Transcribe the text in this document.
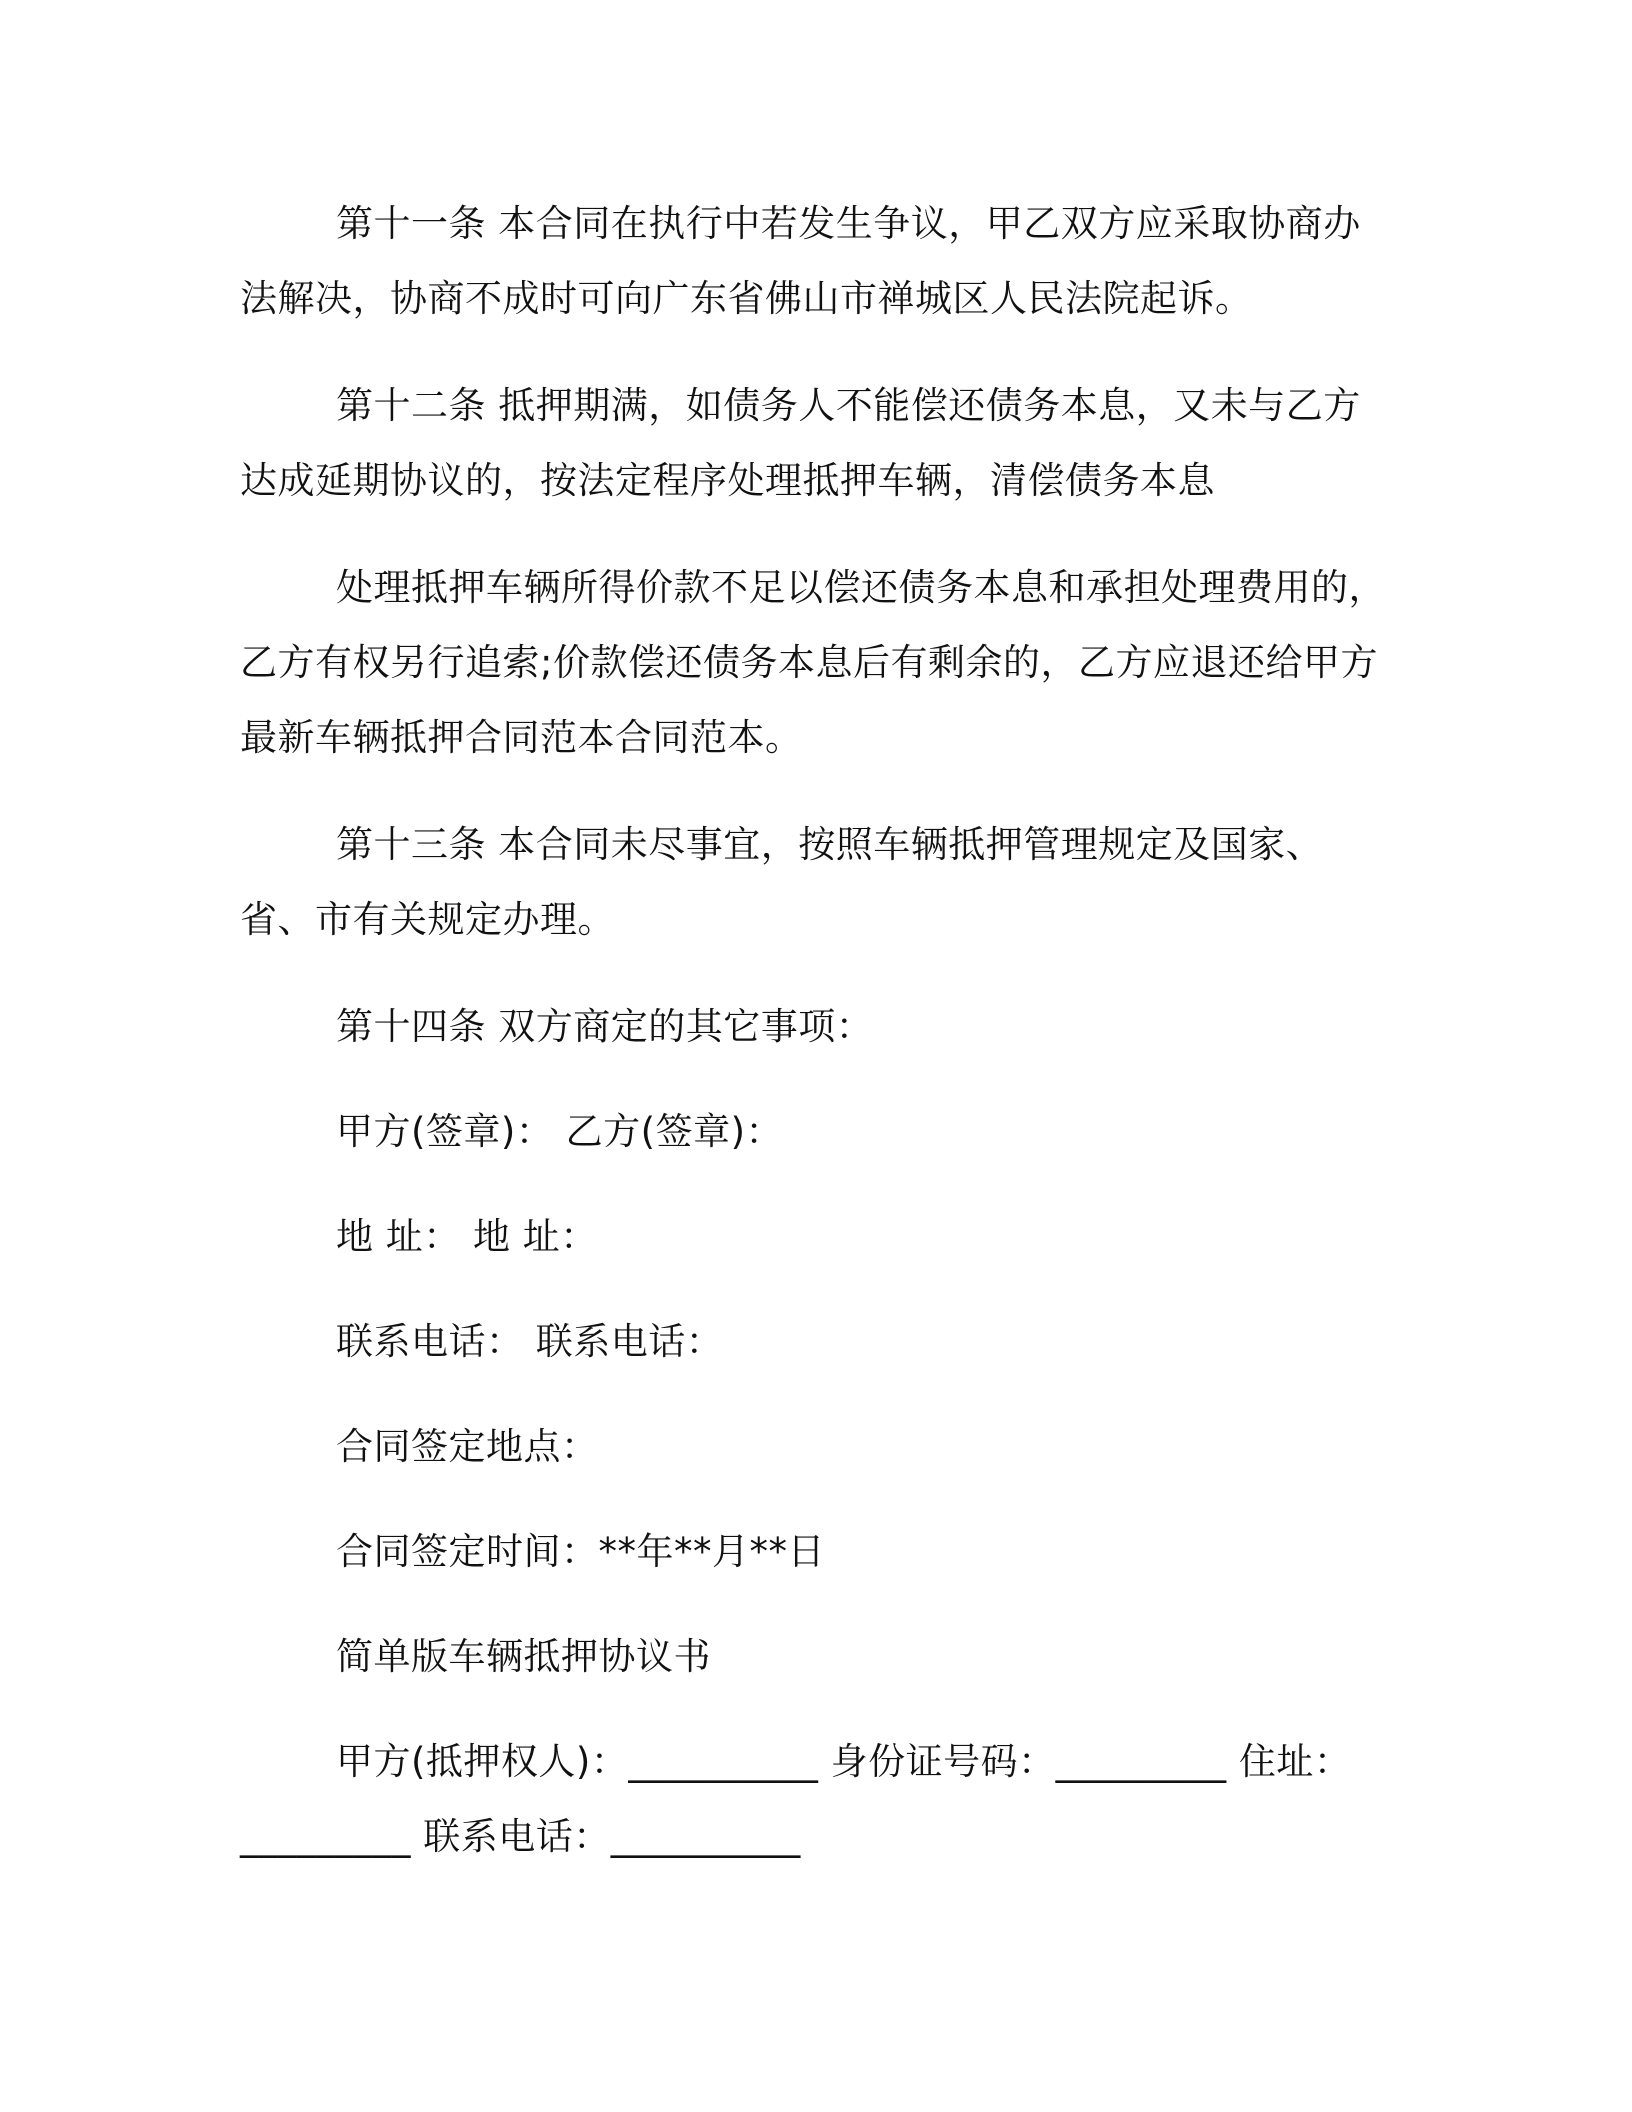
第十一条 本合同在执行中若发生争议，甲乙双方应采取协商办法解决，协商不成时可向广东省佛山市禅城区人民法院起诉。

第十二条 抵押期满，如债务人不能偿还债务本息，又未与乙方达成延期协议的，按法定程序处理抵押车辆，清偿债务本息

处理抵押车辆所得价款不足以偿还债务本息和承担处理费用的，乙方有权另行追索;价款偿还债务本息后有剩余的，乙方应退还给甲方最新车辆抵押合同范本合同范本。

第十三条 本合同未尽事宜，按照车辆抵押管理规定及国家、省、市有关规定办理。

第十四条 双方商定的其它事项：

甲方(签章)： 乙方(签章)：

地 址： 地 址：

联系电话： 联系电话：

合同签定地点：

合同签定时间：**年**月**日

简单版车辆抵押协议书

甲方(抵押权人)：__________ 身份证号码：_________ 住址：_________ 联系电话：__________
